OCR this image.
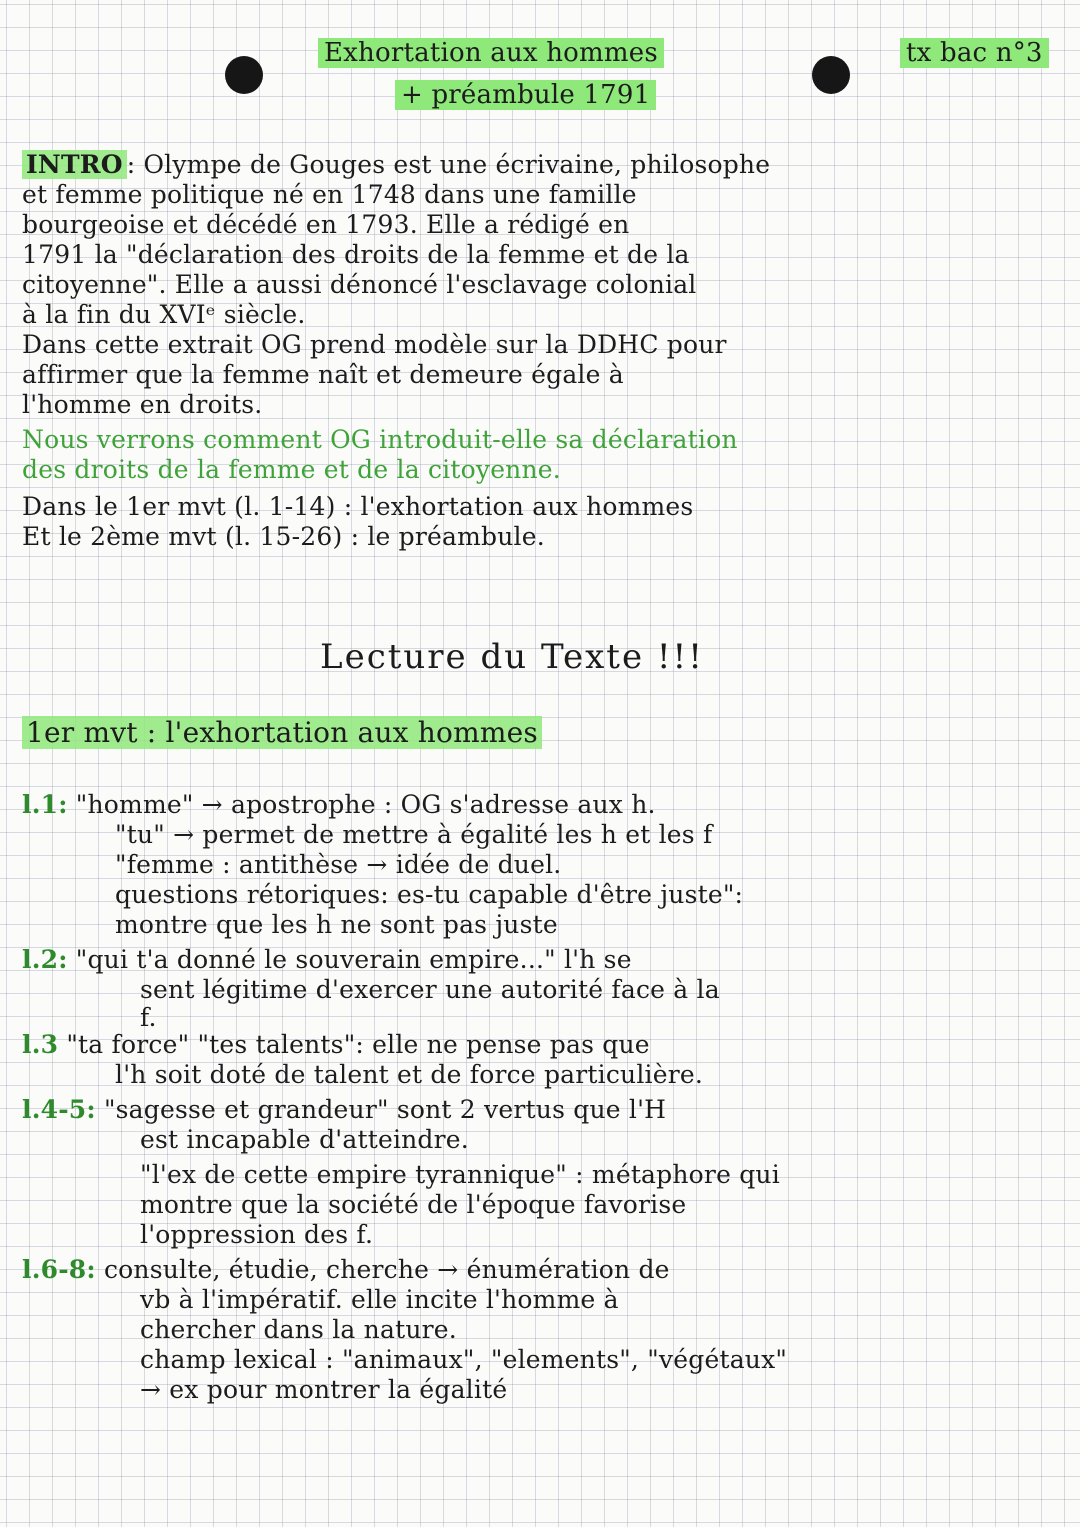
Exhortation aux hommes
+ préambule 1791
tx bac n°3
INTRO : Olympe de Gouges est une écrivaine, philosophe
et femme politique né en 1748 dans une famille
bourgeoise et décédé en 1793. Elle a rédigé en
1791 la "déclaration des droits de la femme et de la
citoyenne". Elle a aussi dénoncé l'esclavage colonial
à la fin du XVIᵉ siècle.
Dans cette extrait OG prend modèle sur la DDHC pour
affirmer que la femme naît et demeure égale à
l'homme en droits.
Nous verrons comment OG introduit-elle sa déclaration
des droits de la femme et de la citoyenne.
Dans le 1er mvt (l. 1-14) : l'exhortation aux hommes
Et le 2ème mvt (l. 15-26) : le préambule.
Lecture du Texte !!!
1er mvt : l'exhortation aux hommes
l.1: "homme" → apostrophe : OG s'adresse aux h.
"tu" → permet de mettre à égalité les h et les f
"femme : antithèse → idée de duel.
questions rétoriques: es-tu capable d'être juste":
montre que les h ne sont pas juste
l.2: "qui t'a donné le souverain empire..." l'h se
sent légitime d'exercer une autorité face à la
f.
l.3 "ta force" "tes talents": elle ne pense pas que
l'h soit doté de talent et de force particulière.
l.4-5: "sagesse et grandeur" sont 2 vertus que l'H
est incapable d'atteindre.
"l'ex de cette empire tyrannique" : métaphore qui
montre que la société de l'époque favorise
l'oppression des f.
l.6-8: consulte, étudie, cherche → énumération de
vb à l'impératif. elle incite l'homme à
chercher dans la nature.
champ lexical : "animaux", "elements", "végétaux"
→ ex pour montrer la égalité
